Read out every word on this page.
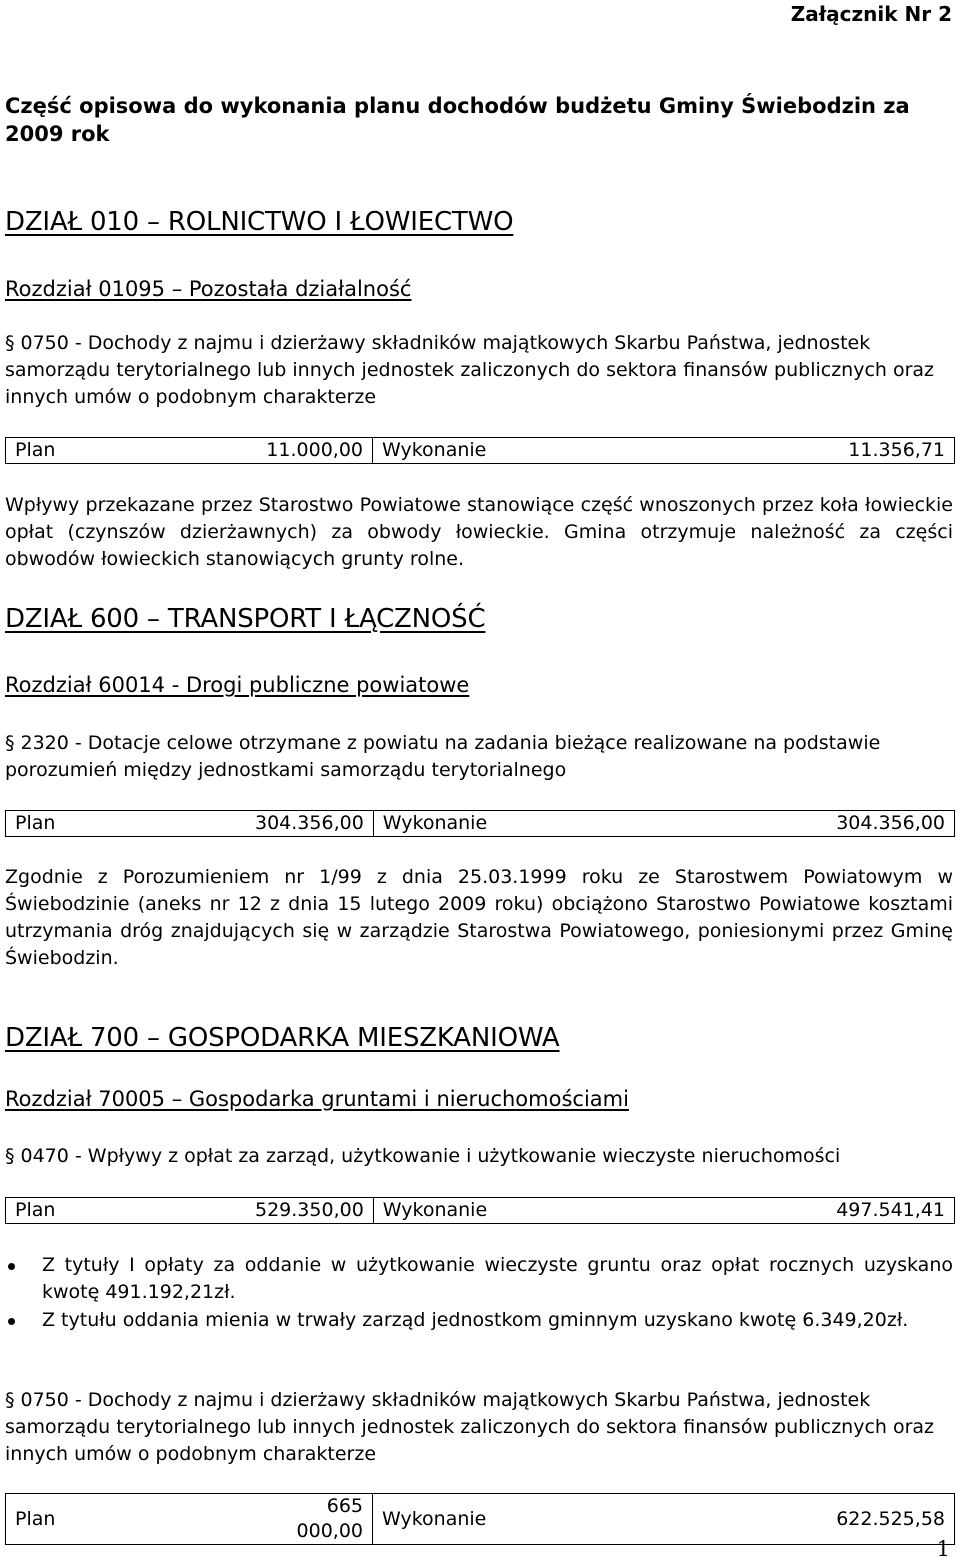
Załącznik Nr 2
Część opisowa do wykonania planu dochodów budżetu Gminy Świebodzin za 2009 rok
DZIAŁ 010 – ROLNICTWO I ŁOWIECTWO
Rozdział 01095 – Pozostała działalność
§ 0750 - Dochody z najmu i dzierżawy składników majątkowych Skarbu Państwa, jednostek samorządu terytorialnego lub innych jednostek zaliczonych do sektora finansów publicznych oraz innych umów o podobnym charakterze
Plan	11.000,00	Wykonanie	11.356,71
Wpływy przekazane przez Starostwo Powiatowe stanowiące część wnoszonych przez koła łowieckie opłat (czynszów dzierżawnych) za obwody łowieckie. Gmina otrzymuje należność za części obwodów łowieckich stanowiących grunty rolne.
DZIAŁ 600 – TRANSPORT I ŁĄCZNOŚĆ
Rozdział 60014 - Drogi publiczne powiatowe
§ 2320 - Dotacje celowe otrzymane z powiatu na zadania bieżące realizowane na podstawie porozumień między jednostkami samorządu terytorialnego
Plan	304.356,00	Wykonanie	304.356,00
Zgodnie z Porozumieniem nr 1/99 z dnia 25.03.1999 roku ze Starostwem Powiatowym w Świebodzinie (aneks nr 12 z dnia 15 lutego 2009 roku) obciążono Starostwo Powiatowe kosztami utrzymania dróg znajdujących się w zarządzie Starostwa Powiatowego, poniesionymi przez Gminę Świebodzin.
DZIAŁ 700 – GOSPODARKA MIESZKANIOWA
Rozdział 70005 – Gospodarka gruntami i nieruchomościami
§ 0470 - Wpływy z opłat za zarząd, użytkowanie i użytkowanie wieczyste nieruchomości
Plan	529.350,00	Wykonanie	497.541,41
Z tytuły I opłaty za oddanie w użytkowanie wieczyste gruntu oraz opłat rocznych uzyskano kwotę 491.192,21zł.
Z tytułu oddania mienia w trwały zarząd jednostkom gminnym uzyskano kwotę 6.349,20zł.
§ 0750 - Dochody z najmu i dzierżawy składników majątkowych Skarbu Państwa, jednostek samorządu terytorialnego lub innych jednostek zaliczonych do sektora finansów publicznych oraz innych umów o podobnym charakterze
Plan	665 000,00	Wykonanie	622.525,58
1
